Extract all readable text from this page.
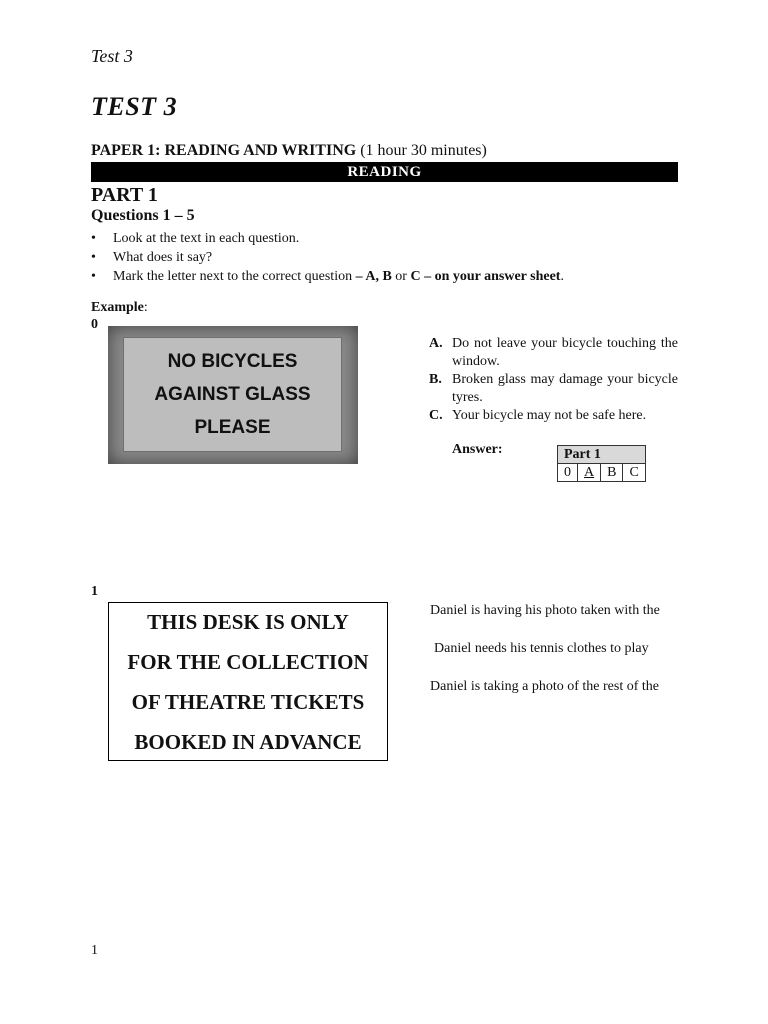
Test 3
TEST 3
PAPER 1: READING AND WRITING (1 hour 30 minutes)
READING
PART 1
Questions 1 – 5
• Look at the text in each question.
• What does it say?
• Mark the letter next to the correct question – A, B or C – on your answer sheet.
Example:
0
NO BICYCLES
AGAINST GLASS
PLEASE
A. Do not leave your bicycle touching the window.
B. Broken glass may damage your bicycle tyres.
C. Your bicycle may not be safe here.
Answer:	Part 1
0	A	B	C
1
THIS DESK IS ONLY
FOR THE COLLECTION
OF THEATRE TICKETS
BOOKED IN ADVANCE
Daniel is having his photo taken with the
Daniel needs his tennis clothes to play
Daniel is taking a photo of the rest of the
1
